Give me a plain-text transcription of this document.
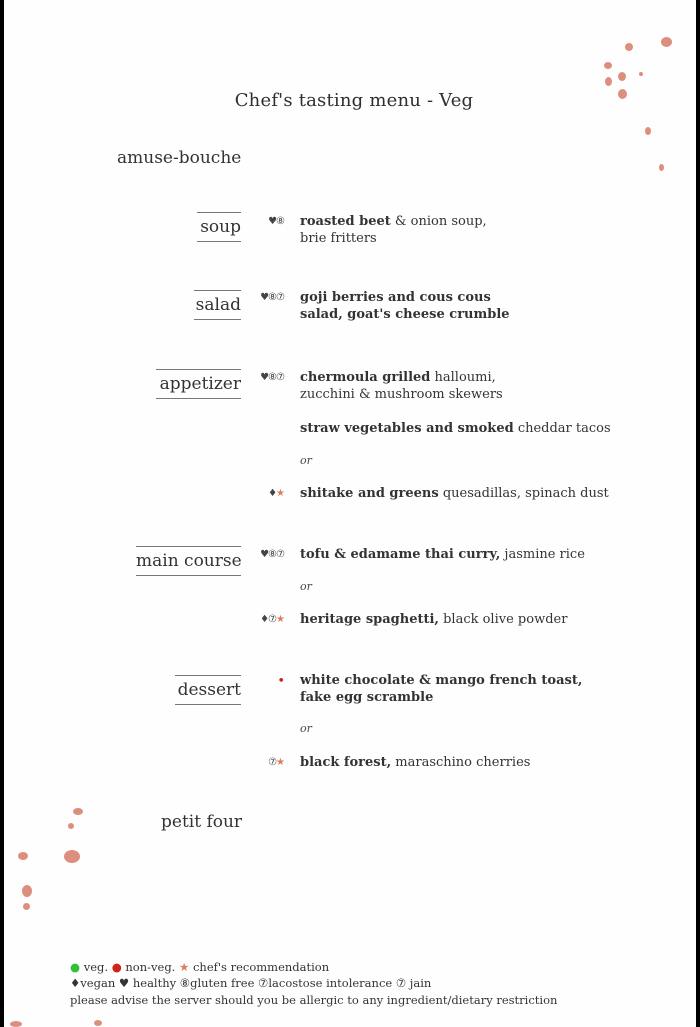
Chef's tasting menu - Veg
amuse-bouche
soup	♥⑧ roasted beet & onion soup,
brie fritters
salad	♥⑧⑦ goji berries and cous cous
salad, goat's cheese crumble
appetizer	♥⑧⑦ chermoula grilled halloumi,
zucchini & mushroom skewers
straw vegetables and smoked cheddar tacos
or
♦★ shitake and greens quesadillas, spinach dust
main course	♥⑧⑦ tofu & edamame thai curry, jasmine rice
or
♦⑦★ heritage spaghetti, black olive powder
dessert	• white chocolate & mango french toast,
fake egg scramble
or
⑦★ black forest, maraschino cherries
petit four
● veg. ● non-veg. ★ chef's recommendation
♦vegan ♥ healthy ⑧gluten free ⑦lacostose intolerance ⑦ jain
please advise the server should you be allergic to any ingredient/dietary restriction
